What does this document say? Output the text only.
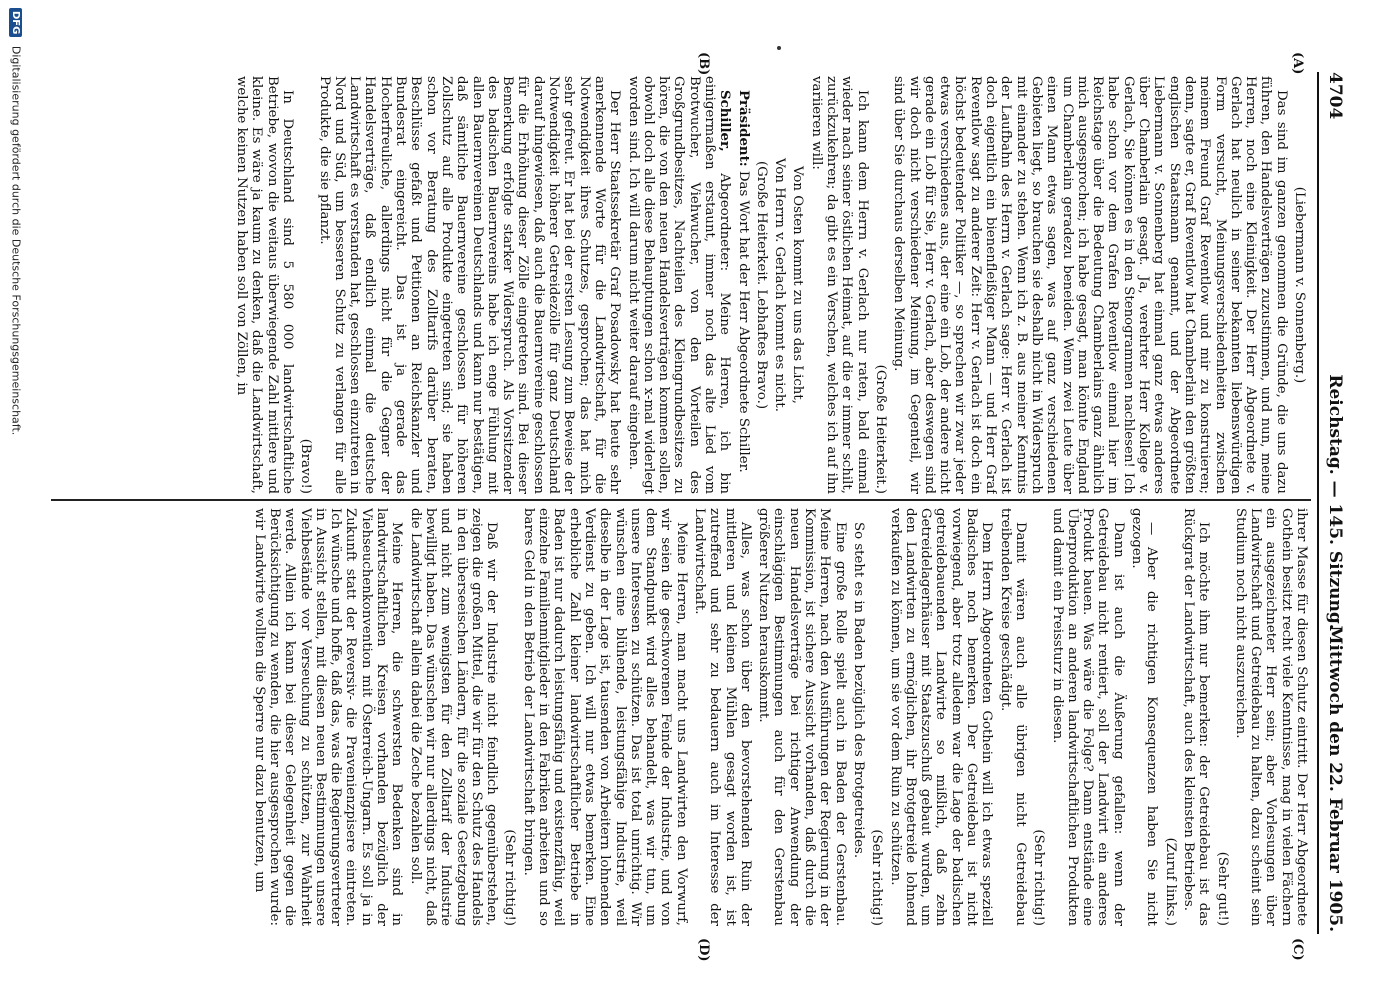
4704
Reichstag. — 145. Sitzung.
Mittwoch den 22. Februar 1905.
(A)
(B)
(C)
(D)

(Liebermann v. Sonnenberg.)

Das sind im ganzen genommen die Gründe, die uns dazu führen, den Handelsverträgen zuzustimmen, und nun, meine Herren, noch eine Kleinigkeit. Der Herr Abgeordnete v. Gerlach hat neulich in seiner bekannten liebenswürdigen Form versucht, Meinungsverschiedenheiten zwischen meinem Freund Graf Reventlow und mir zu konstruieren; denn, sagte er, Graf Reventlow hat Chamberlain den größten englischen Staatsmann genannt, und der Abgeordnete Liebermann v. Sonnenberg hat einmal ganz etwas anderes über Chamberlain gesagt. Ja, verehrter Herr Kollege v. Gerlach, Sie können es in den Stenogrammen nachlesen! Ich habe schon vor dem Grafen Reventlow einmal hier im Reichstage über die Bedeutung Chamberlains ganz ähnlich mich ausgesprochen; ich habe gesagt, man könnte England um Chamberlain geradezu beneiden. Wenn zwei Leute über einen Mann etwas sagen, was auf ganz verschiedenen Gebieten liegt, so brauchen sie deshalb nicht in Widerspruch mit einander zu stehen. Wenn ich z. B. aus meiner Kenntnis der Laufbahn des Herrn v. Gerlach sage: Herr v. Gerlach ist doch eigentlich ein bienenfleißiger Mann — und Herr Graf Reventlow sagt zu anderer Zeit: Herr v. Gerlach ist doch ein höchst bedeutender Politiker —, so sprechen wir zwar jeder etwas verschiedenes aus, der eine ein Lob, der andere nicht gerade ein Lob für Sie, Herr v. Gerlach, aber deswegen sind wir doch nicht verschiedener Meinung, im Gegenteil, wir sind über Sie durchaus derselben Meinung.

(Große Heiterkeit.)

Ich kann dem Herrn v. Gerlach nur raten, bald einmal wieder nach seiner östlichen Heimat, auf die er immer schilt, zurückzukehren; da gibt es ein Verschen, welches ich auf ihn variieren will:

Von Osten kommt zu uns das Licht,

Von Herrn v. Gerlach kommt es nicht.

(Große Heiterkeit. Lebhaftes Bravo.)

Präsident: Das Wort hat der Herr Abgeordnete Schiller.

Schiller, Abgeordneter: Meine Herren, ich bin einigermaßen erstaunt, immer noch das alte Lied vom Brotwucher, Viehwucher, von den Vorteilen des Großgrundbesitzes, Nachteilen des Kleingrundbesitzes zu hören, die von den neuen Handelsverträgen kommen sollen, obwohl doch alle diese Behauptungen schon x-mal widerlegt worden sind. Ich will darum nicht weiter darauf eingehen.

Der Herr Staatssekretär Graf Posadowsky hat heute sehr anerkennende Worte für die Landwirtschaft, für die Notwendigkeit ihres Schutzes, gesprochen; das hat mich sehr gefreut. Er hat bei der ersten Lesung zum Beweise der Notwendigkeit höherer Getreidezölle für ganz Deutschland darauf hingewiesen, daß auch die Bauernvereine geschlossen für die Erhöhung dieser Zölle eingetreten sind. Bei dieser Bemerkung erfolgte starker Widerspruch. Als Vorsitzender des badischen Bauernvereins habe ich enge Fühlung mit allen Bauernvereinen Deutschlands und kann nur bestätigen, daß sämtliche Bauernvereine geschlossen für höheren Zollschutz auf alle Produkte eingetreten sind; sie haben schon vor Beratung des Zolltarifs darüber beraten, Beschlüsse gefaßt und Petitionen an Reichskanzler und Bundesrat eingereicht. Das ist ja gerade das Hocherfreuliche, allerdings nicht für die Gegner der Handelsverträge, daß endlich einmal die deutsche Landwirtschaft es verstanden hat, geschlossen einzutreten in Nord und Süd, um besseren Schutz zu verlangen für alle Produkte, die sie pflanzt.

(Bravo!)

In Deutschland sind 5 580 000 landwirtschaftliche Betriebe, wovon die weitaus überwiegende Zahl mittlere und kleine. Es wäre ja kaum zu denken, daß die Landwirtschaft, welche keinen Nutzen haben soll von Zöllen, in

ihrer Masse für diesen Schutz eintritt. Der Herr Abgeordnete Gothein besitzt recht viele Kenntnisse, mag in vielen Fächern ein ausgezeichneter Herr sein; aber Vorlesungen über Landwirtschaft und Getreidebau zu halten, dazu scheint sein Studium noch nicht auszureichen.

(Sehr gut!)

Ich möchte ihm nur bemerken: der Getreidebau ist das Rückgrat der Landwirtschaft, auch des kleinsten Betriebes.

(Zuruf links.)

— Aber die richtigen Konsequenzen haben Sie nicht gezogen.

Dann ist auch die Äußerung gefallen: wenn der Getreidebau nicht rentiert, soll der Landwirt ein anderes Produkt bauen. Was wäre die Folge? Dann entstände eine Überproduktion an anderen landwirtschaftlichen Produkten und damit ein Preissturz in diesen.

(Sehr richtig!)

Damit wären auch alle übrigen nicht Getreidebau treibenden Kreise geschädigt.

Dem Herrn Abgeordneten Gothein will ich etwas speziell Badisches noch bemerken. Der Getreidebau ist nicht vorwiegend, aber trotz alledem war die Lage der badischen getreidebauenden Landwirte so mißlich, daß zehn Getreidelagerhäuser mit Staatszuschuß gebaut wurden, um den Landwirten zu ermöglichen, ihr Brotgetreide lohnend verkaufen zu können, um sie vor dem Ruin zu schützen.

(Sehr richtig!)

So steht es in Baden bezüglich des Brotgetreides.

Eine große Rolle spielt auch in Baden der Gerstenbau. Meine Herren, nach den Ausführungen der Regierung in der Kommission, ist sichere Aussicht vorhanden, daß durch die neuen Handelsverträge bei richtiger Anwendung der einschlägigen Bestimmungen auch für den Gerstenbau größerer Nutzen herauskommt.

Alles, was schon über den bevorstehenden Ruin der mittleren und kleinen Mühlen gesagt worden ist, ist zutreffend und sehr zu bedauern auch im Interesse der Landwirtschaft.

Meine Herren, man macht uns Landwirten den Vorwurf, wir seien die geschworenen Feinde der Industrie, und von dem Standpunkt wird alles behandelt, was wir tun, um unsere Interessen zu schützen. Das ist total unrichtig. Wir wünschen eine blühende, leistungsfähige Industrie, weil dieselbe in der Lage ist, tausenden von Arbeitern lohnenden Verdienst zu geben. Ich will nur etwas bemerken. Eine erhebliche Zahl kleiner landwirtschaftlicher Betriebe in Baden ist nur dadurch leistungsfähig und existenzfähig, weil einzelne Familienmitglieder in den Fabriken arbeiten und so bares Geld in den Betrieb der Landwirtschaft bringen.

(Sehr richtig!)

Daß wir der Industrie nicht feindlich gegenüberstehen, zeigen die großen Mittel, die wir für den Schutz des Handels in den überseeischen Ländern, für die soziale Gesetzgebung und nicht zum wenigsten für den Zolltarif der Industrie bewilligt haben. Das wünschen wir nur allerdings nicht, daß die Landwirtschaft allein dabei die Zeche bezahlen soll.

Meine Herren, die schwersten Bedenken sind in landwirtschaftlichen Kreisen vorhanden bezüglich der Viehseuchenkonvention mit Österreich-Ungarn. Es soll ja in Zukunft statt der Reversiv- die Pravenienzpisere eintreten. Ich wünsche und hoffe, daß das, was die Regierungsvertreter in Aussicht stellen, mit diesen neuen Bestimmungen unsere Viehbestände vor Verseuchung zu schützen, zur Wahrheit werde. Allein ich kann bei dieser Gelegenheit gegen die Berücksichtigung zu wenden, die hier ausgesprochen wurde: wir Landwirte wollten die Sperre nur dazu benutzen, um

DFG Digitalisierung gefördert durch die Deutsche Forschungsgemeinschaft.
